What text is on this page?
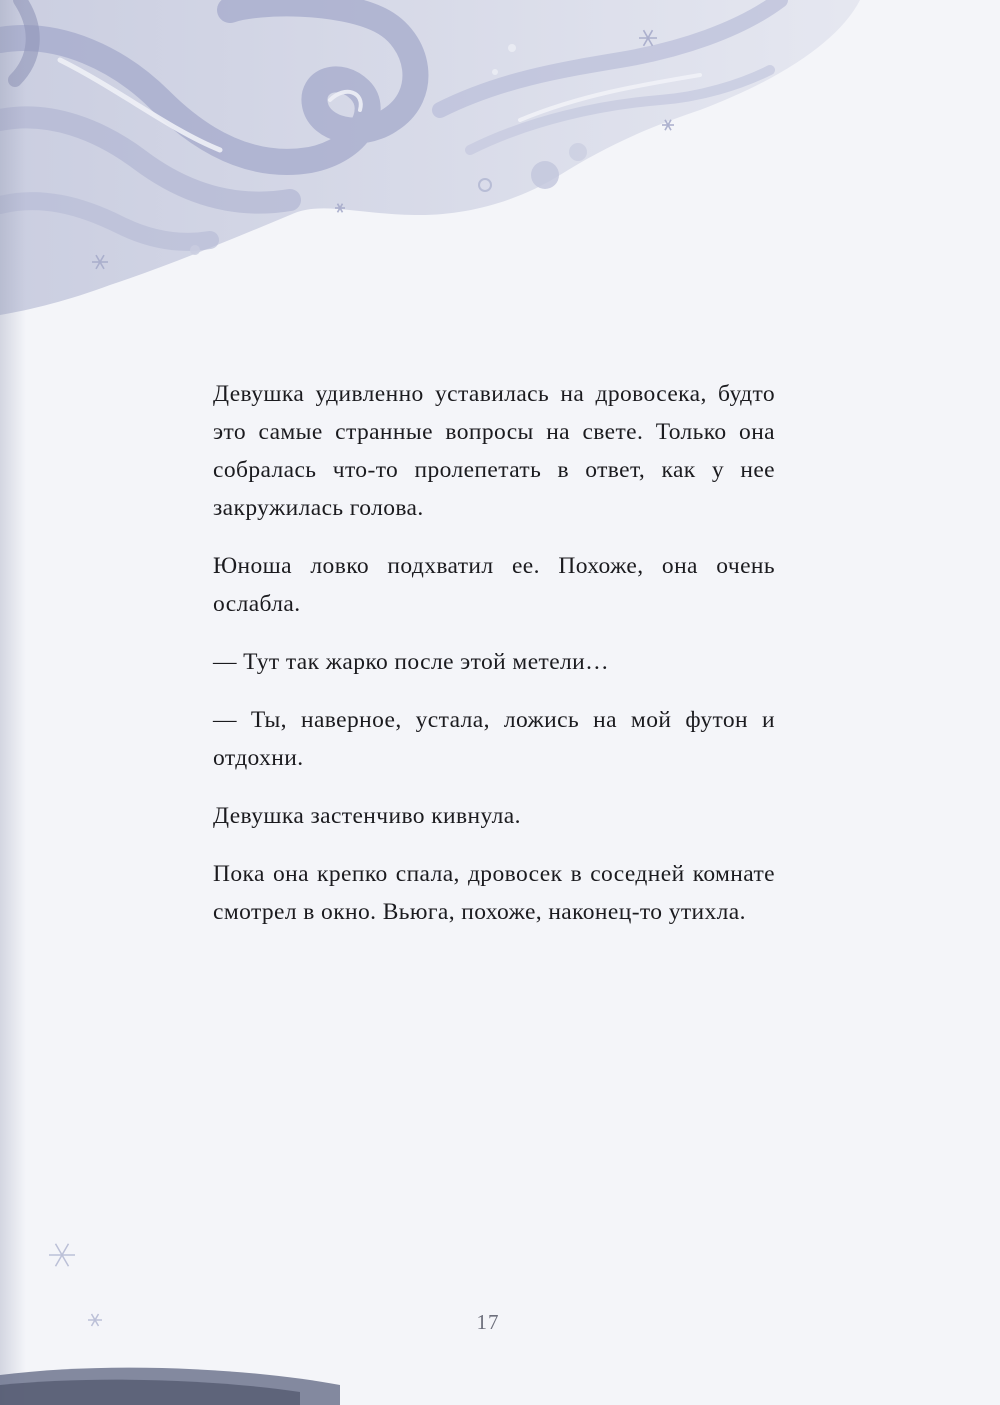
Девушка удивленно уставилась на дровосека, будто это самые странные вопросы на свете. Только она собралась что-то пролепетать в ответ, как у нее закружилась голова.

Юноша ловко подхватил ее. Похоже, она очень ослабла.

— Тут так жарко после этой метели…

— Ты, наверное, устала, ложись на мой футон и отдохни.

Девушка застенчиво кивнула.

Пока она крепко спала, дровосек в соседней комнате смотрел в окно. Вьюга, похоже, наконец-то утихла.

17
